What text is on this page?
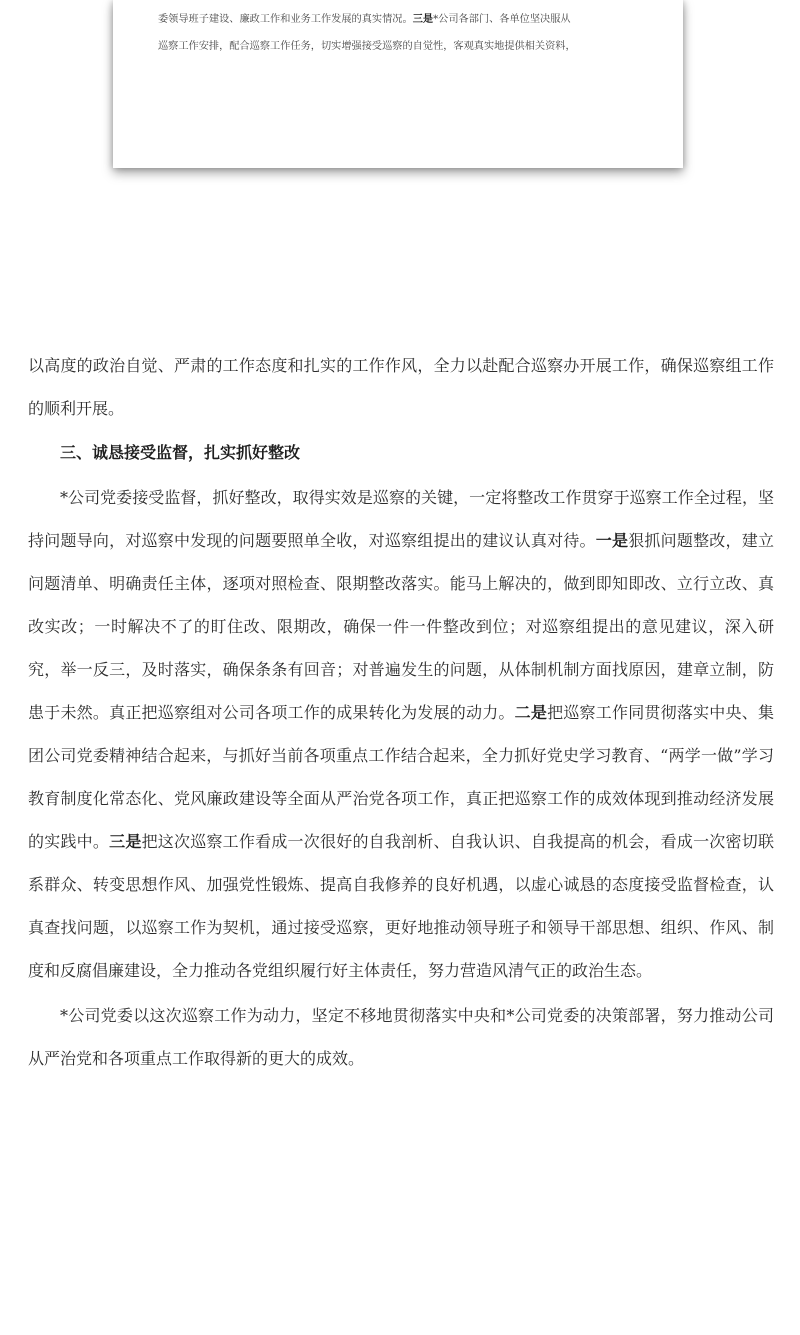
委领导班子建设、廉政工作和业务工作发展的真实情况。三是*公司各部门、各单位坚决服从
巡察工作安排，配合巡察工作任务，切实增强接受巡察的自觉性，客观真实地提供相关资料，

以高度的政治自觉、严肃的工作态度和扎实的工作作风，全力以赴配合巡察办开展工作，确保巡察组工作的顺利开展。

三、诚恳接受监督，扎实抓好整改

*公司党委接受监督，抓好整改，取得实效是巡察的关键，一定将整改工作贯穿于巡察工作全过程，坚持问题导向，对巡察中发现的问题要照单全收，对巡察组提出的建议认真对待。一是狠抓问题整改，建立问题清单、明确责任主体，逐项对照检查、限期整改落实。能马上解决的，做到即知即改、立行立改、真改实改；一时解决不了的盯住改、限期改，确保一件一件整改到位；对巡察组提出的意见建议，深入研究，举一反三，及时落实，确保条条有回音；对普遍发生的问题，从体制机制方面找原因，建章立制，防患于未然。真正把巡察组对公司各项工作的成果转化为发展的动力。二是把巡察工作同贯彻落实中央、集团公司党委精神结合起来，与抓好当前各项重点工作结合起来，全力抓好党史学习教育、“两学一做”学习教育制度化常态化、党风廉政建设等全面从严治党各项工作，真正把巡察工作的成效体现到推动经济发展的实践中。三是把这次巡察工作看成一次很好的自我剖析、自我认识、自我提高的机会，看成一次密切联系群众、转变思想作风、加强党性锻炼、提高自我修养的良好机遇，以虚心诚恳的态度接受监督检查，认真查找问题，以巡察工作为契机，通过接受巡察，更好地推动领导班子和领导干部思想、组织、作风、制度和反腐倡廉建设，全力推动各党组织履行好主体责任，努力营造风清气正的政治生态。

*公司党委以这次巡察工作为动力，坚定不移地贯彻落实中央和*公司党委的决策部署，努力推动公司从严治党和各项重点工作取得新的更大的成效。
